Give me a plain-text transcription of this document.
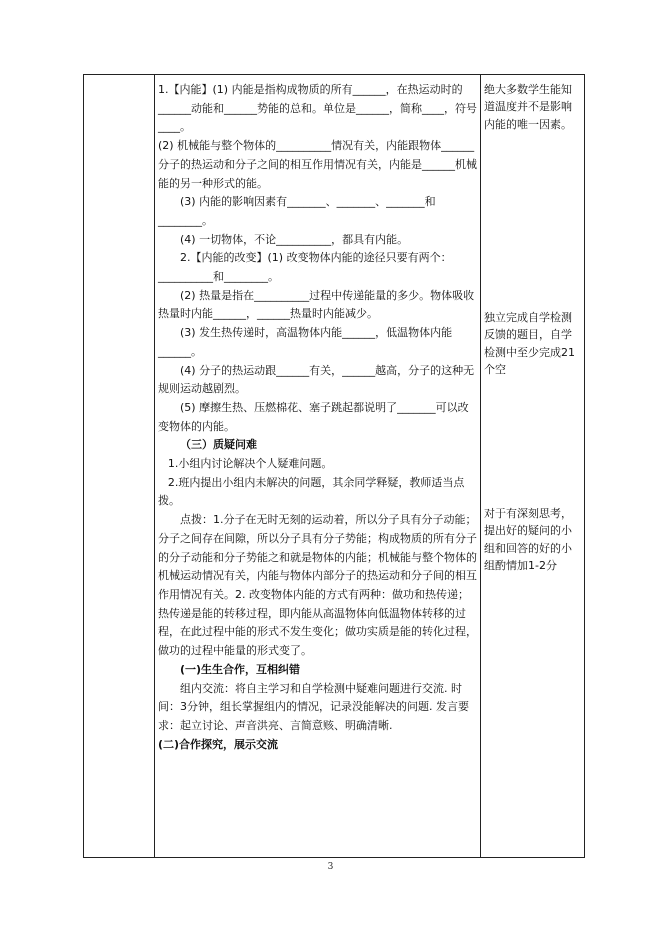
1.【内能】(1) 内能是指构成物质的所有______，在热运动时的______动能和______势能的总和。单位是______，简称____，符号____。

(2) 机械能与整个物体的__________情况有关，内能跟物体______分子的热运动和分子之间的相互作用情况有关，内能是______机械能的另一种形式的能。

(3) 内能的影响因素有_______、_______、_______和________。

(4) 一切物体，不论__________，都具有内能。

2.【内能的改变】(1) 改变物体内能的途径只要有两个：__________和________。

(2) 热量是指在__________过程中传递能量的多少。物体吸收热量时内能______，______热量时内能减少。

(3) 发生热传递时，高温物体内能______，低温物体内能______。

(4) 分子的热运动跟______有关，______越高，分子的这种无规则运动越剧烈。

(5) 摩擦生热、压燃棉花、塞子跳起都说明了_______可以改变物体的内能。

（三）质疑问难

1.小组内讨论解决个人疑难问题。

2.班内提出小组内未解决的问题，其余同学释疑，教师适当点拨。

点拨：1.分子在无时无刻的运动着，所以分子具有分子动能；分子之间存在间隙，所以分子具有分子势能；构成物质的所有分子的分子动能和分子势能之和就是物体的内能；机械能与整个物体的机械运动情况有关，内能与物体内部分子的热运动和分子间的相互作用情况有关。2. 改变物体内能的方式有两种：做功和热传递；热传递是能的转移过程，即内能从高温物体向低温物体转移的过程，在此过程中能的形式不发生变化；做功实质是能的转化过程，做功的过程中能量的形式变了。

(一)生生合作，互相纠错

组内交流：将自主学习和自学检测中疑难问题进行交流. 时间：3分钟，组长掌握组内的情况，记录没能解决的问题. 发言要求：起立讨论、声音洪亮、言简意赅、明确清晰.

(二)合作探究，展示交流

绝大多数学生能知道温度并不是影响内能的唯一因素。
独立完成自学检测反馈的题目，自学检测中至少完成21个空
对于有深刻思考，提出好的疑问的小组和回答的好的小组酌情加1-2分
3
